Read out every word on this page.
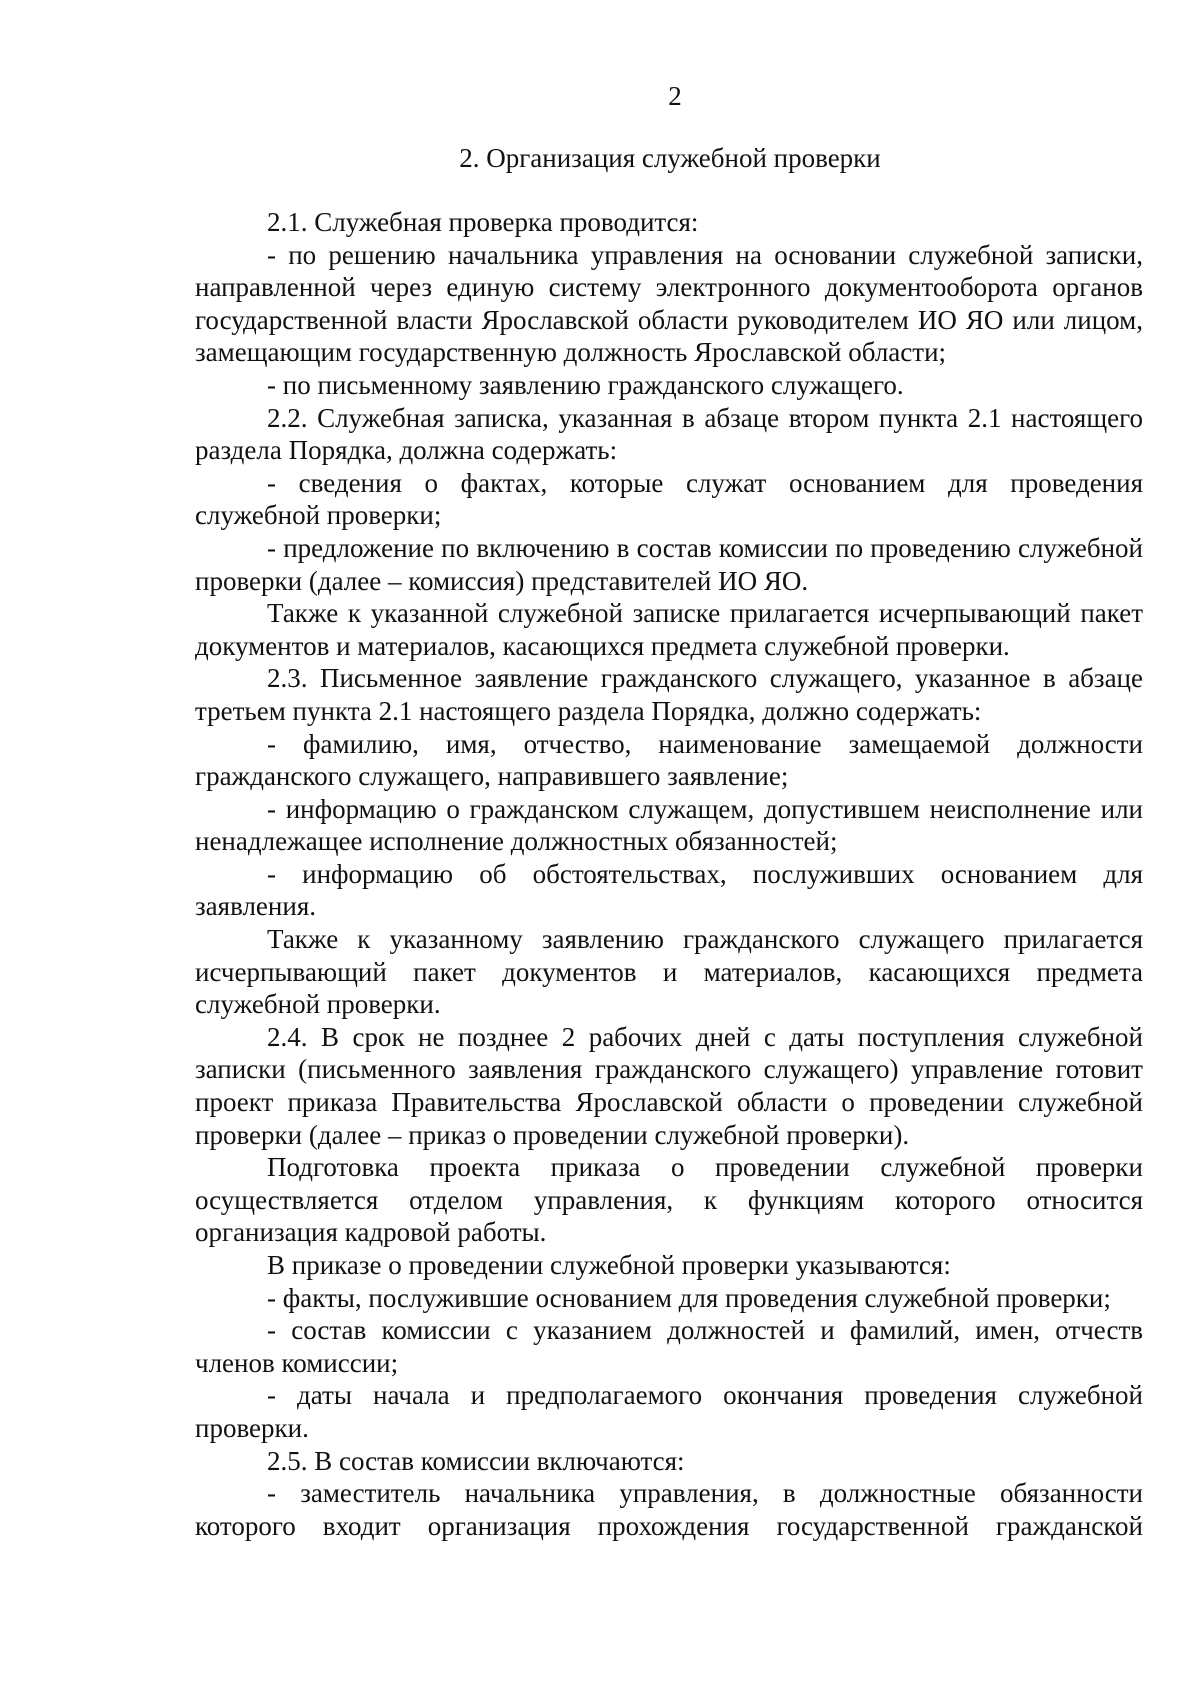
2
2. Организация служебной проверки

2.1. Служебная проверка проводится:

- по решению начальника управления на основании служебной записки, направленной через единую систему электронного документооборота органов государственной власти Ярославской области руководителем ИО ЯО или лицом, замещающим государственную должность Ярославской области;

- по письменному заявлению гражданского служащего.

2.2. Служебная записка, указанная в абзаце втором пункта 2.1 настоящего раздела Порядка, должна содержать:

- сведения о фактах, которые служат основанием для проведения служебной проверки;

- предложение по включению в состав комиссии по проведению служебной проверки (далее – комиссия) представителей ИО ЯО.

Также к указанной служебной записке прилагается исчерпывающий пакет документов и материалов, касающихся предмета служебной проверки.

2.3. Письменное заявление гражданского служащего, указанное в абзаце третьем пункта 2.1 настоящего раздела Порядка, должно содержать:

- фамилию, имя, отчество, наименование замещаемой должности гражданского служащего, направившего заявление;

- информацию о гражданском служащем, допустившем неисполнение или ненадлежащее исполнение должностных обязанностей;

- информацию об обстоятельствах, послуживших основанием для заявления.

Также к указанному заявлению гражданского служащего прилагается исчерпывающий пакет документов и материалов, касающихся предмета служебной проверки.

2.4. В срок не позднее 2 рабочих дней с даты поступления служебной записки (письменного заявления гражданского служащего) управление готовит проект приказа Правительства Ярославской области о проведении служебной проверки (далее – приказ о проведении служебной проверки).

Подготовка проекта приказа о проведении служебной проверки осуществляется отделом управления, к функциям которого относится организация кадровой работы.

В приказе о проведении служебной проверки указываются:

- факты, послужившие основанием для проведения служебной проверки;

- состав комиссии с указанием должностей и фамилий, имен, отчеств членов комиссии;

- даты начала и предполагаемого окончания проведения служебной проверки.

2.5. В состав комиссии включаются:

- заместитель начальника управления, в должностные обязанности которого входит организация прохождения государственной гражданской
